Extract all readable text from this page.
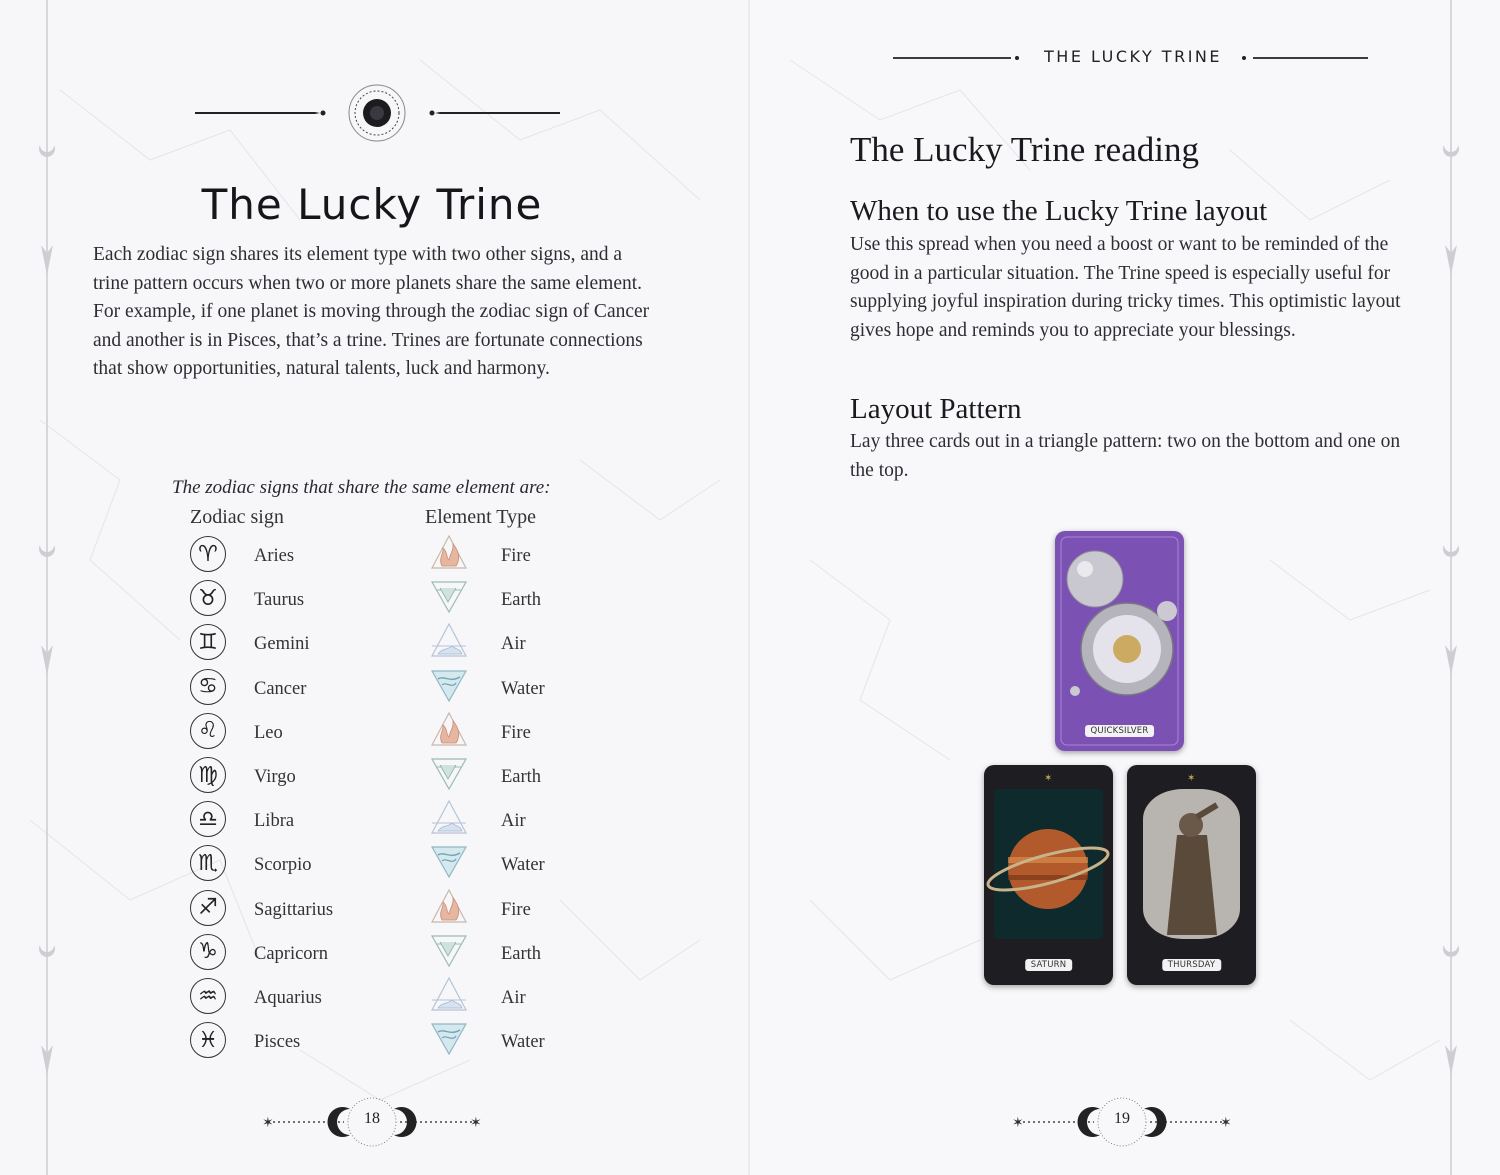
The Lucky Trine
Each zodiac sign shares its element type with two other signs, and a trine pattern occurs when two or more planets share the same element. For example, if one planet is moving through the zodiac sign of Cancer and another is in Pisces, that’s a trine. Trines are fortunate connections that show opportunities, natural talents, luck and harmony.
The zodiac signs that share the same element are:
Zodiac sign	Element Type
♈	Aries	Fire
♉	Taurus	Earth
♊	Gemini	Air
♋	Cancer	Water
♌	Leo	Fire
♍	Virgo	Earth
♎	Libra	Air
♏	Scorpio	Water
♐	Sagittarius	Fire
♑	Capricorn	Earth
♒	Aquarius	Air
♓	Pisces	Water
✶	✶
18
THE LUCKY TRINE
The Lucky Trine reading
When to use the Lucky Trine layout
Use this spread when you need a boost or want to be reminded of the good in a particular situation. The Trine speed is especially useful for supplying joyful inspiration during tricky times. This optimistic layout gives hope and reminds you to appreciate your blessings.
Layout Pattern
Lay three cards out in a triangle pattern: two on the bottom and one on the top.
QUICKSILVER
✶
SATURN
✶
THURSDAY
✶	✶
19
